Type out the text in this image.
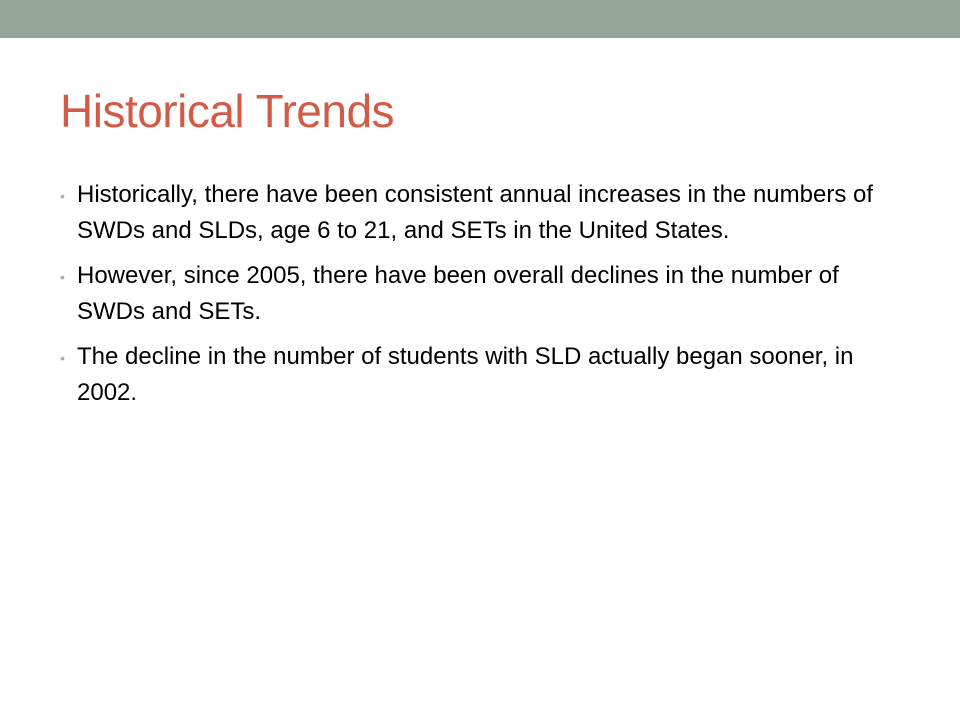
Historical Trends
• Historically, there have been consistent annual increases in the numbers of SWDs and SLDs, age 6 to 21, and SETs in the United States.
• However, since 2005, there have been overall declines in the number of SWDs and SETs.
• The decline in the number of students with SLD actually began sooner, in 2002.
